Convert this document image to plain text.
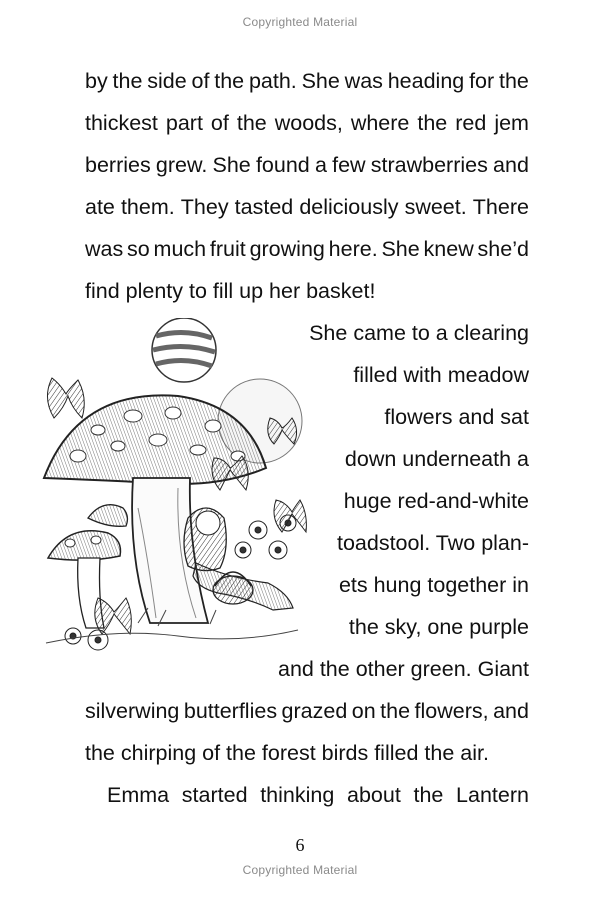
Copyrighted Material
by the side of the path. She was heading for the
thickest part of the woods, where the red jem
berries grew. She found a few strawberries and
ate them. They tasted deliciously sweet. There
was so much fruit growing here. She knew she’d
find plenty to fill up her basket!
She came to a clearing
filled with meadow
flowers and sat
down underneath a
huge red-and-white
toadstool. Two plan-
ets hung together in
the sky, one purple
and the other green. Giant
silverwing butterflies grazed on the flowers, and
the chirping of the forest birds filled the air.
Emma started thinking about the Lantern
6
Copyrighted Material
